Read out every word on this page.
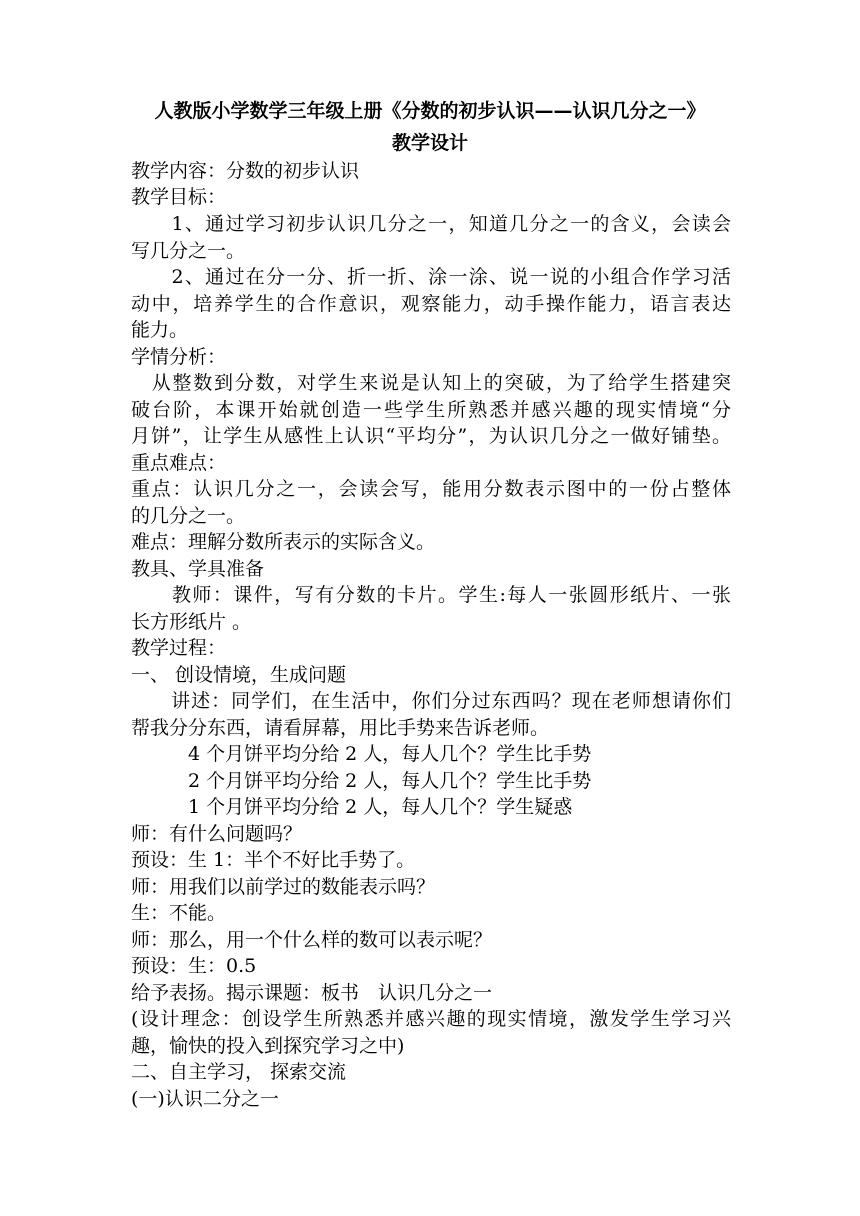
人教版小学数学三年级上册《分数的初步认识——认识几分之一》
教学设计
教学内容：分数的初步认识
教学目标：
　　1、通过学习初步认识几分之一，知道几分之一的含义，会读会
写几分之一。
　　2、通过在分一分、折一折、涂一涂、说一说的小组合作学习活
动中，培养学生的合作意识，观察能力，动手操作能力，语言表达
能力。
学情分析：
　从整数到分数，对学生来说是认知上的突破，为了给学生搭建突
破台阶，本课开始就创造一些学生所熟悉并感兴趣的现实情境“分
月饼”，让学生从感性上认识“平均分”，为认识几分之一做好铺垫。
重点难点：
重点：认识几分之一，会读会写，能用分数表示图中的一份占整体
的几分之一。
难点：理解分数所表示的实际含义。
教具、学具准备
　　教师：课件，写有分数的卡片。学生:每人一张圆形纸片、一张
长方形纸片 。
教学过程：
一、 创设情境，生成问题
　　讲述：同学们，在生活中，你们分过东西吗？现在老师想请你们
帮我分分东西，请看屏幕，用比手势来告诉老师。
　　　4 个月饼平均分给 2 人，每人几个？学生比手势
　　　2 个月饼平均分给 2 人，每人几个？学生比手势
　　　1 个月饼平均分给 2 人，每人几个？学生疑惑
师：有什么问题吗？
预设：生 1：半个不好比手势了。
师：用我们以前学过的数能表示吗？
生：不能。
师：那么，用一个什么样的数可以表示呢？
预设：生：0.5
给予表扬。揭示课题：板书　认识几分之一
(设计理念：创设学生所熟悉并感兴趣的现实情境，激发学生学习兴
趣，愉快的投入到探究学习之中)
二、自主学习， 探索交流
(一)认识二分之一
